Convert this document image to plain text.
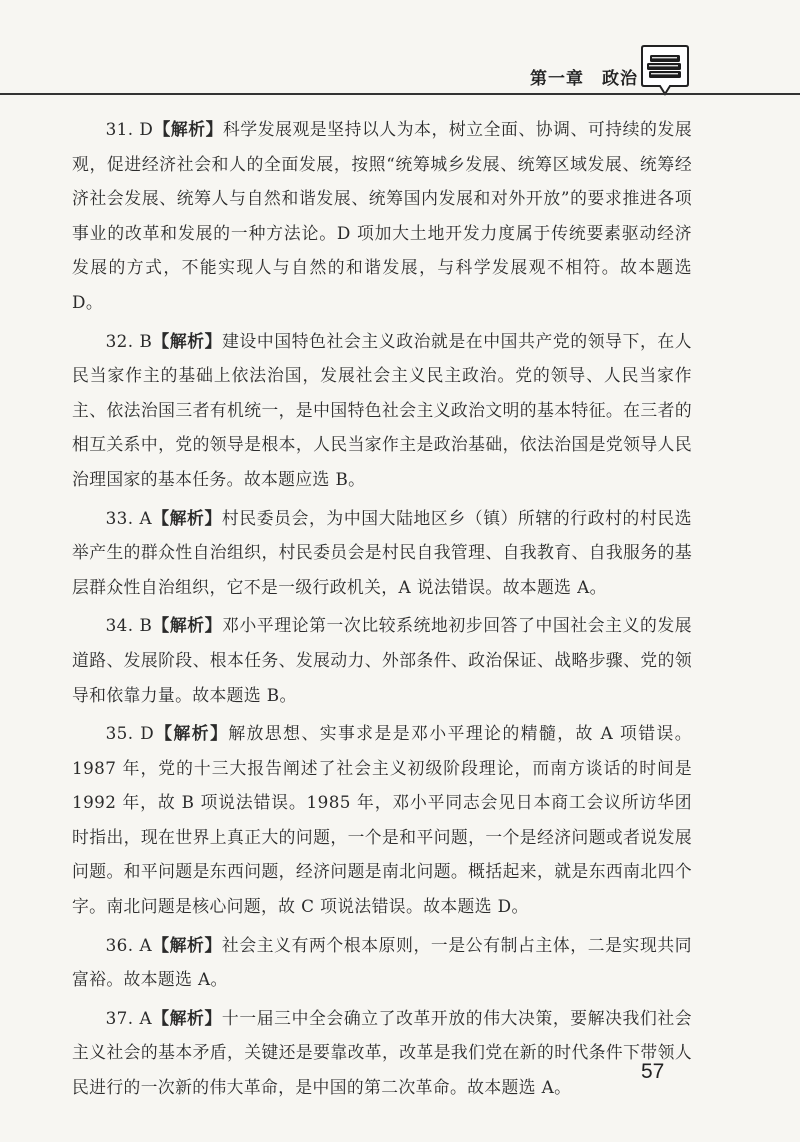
第一章　政治

31. D【解析】科学发展观是坚持以人为本，树立全面、协调、可持续的发展观，促进经济社会和人的全面发展，按照“统筹城乡发展、统筹区域发展、统筹经济社会发展、统筹人与自然和谐发展、统筹国内发展和对外开放”的要求推进各项事业的改革和发展的一种方法论。D 项加大土地开发力度属于传统要素驱动经济发展的方式，不能实现人与自然的和谐发展，与科学发展观不相符。故本题选 D。

32. B【解析】建设中国特色社会主义政治就是在中国共产党的领导下，在人民当家作主的基础上依法治国，发展社会主义民主政治。党的领导、人民当家作主、依法治国三者有机统一，是中国特色社会主义政治文明的基本特征。在三者的相互关系中，党的领导是根本，人民当家作主是政治基础，依法治国是党领导人民治理国家的基本任务。故本题应选 B。

33. A【解析】村民委员会，为中国大陆地区乡（镇）所辖的行政村的村民选举产生的群众性自治组织，村民委员会是村民自我管理、自我教育、自我服务的基层群众性自治组织，它不是一级行政机关，A 说法错误。故本题选 A。

34. B【解析】邓小平理论第一次比较系统地初步回答了中国社会主义的发展道路、发展阶段、根本任务、发展动力、外部条件、政治保证、战略步骤、党的领导和依靠力量。故本题选 B。

35. D【解析】解放思想、实事求是是邓小平理论的精髓，故 A 项错误。1987 年，党的十三大报告阐述了社会主义初级阶段理论，而南方谈话的时间是 1992 年，故 B 项说法错误。1985 年，邓小平同志会见日本商工会议所访华团时指出，现在世界上真正大的问题，一个是和平问题，一个是经济问题或者说发展问题。和平问题是东西问题，经济问题是南北问题。概括起来，就是东西南北四个字。南北问题是核心问题，故 C 项说法错误。故本题选 D。

36. A【解析】社会主义有两个根本原则，一是公有制占主体，二是实现共同富裕。故本题选 A。

37. A【解析】十一届三中全会确立了改革开放的伟大决策，要解决我们社会主义社会的基本矛盾，关键还是要靠改革，改革是我们党在新的时代条件下带领人民进行的一次新的伟大革命，是中国的第二次革命。故本题选 A。

57
